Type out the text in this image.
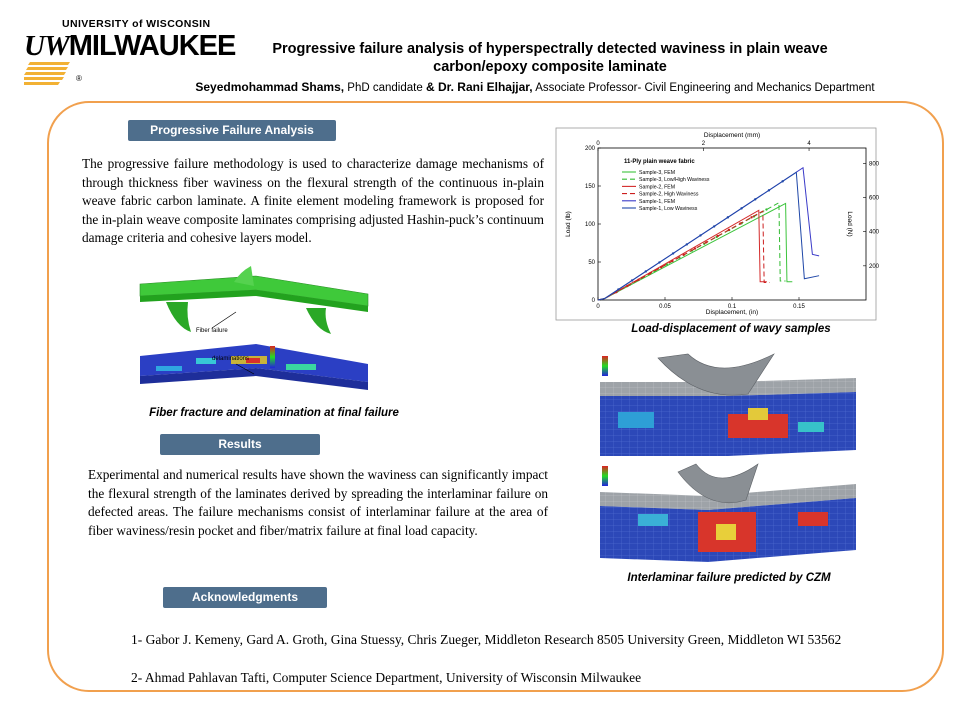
UNIVERSITY of WISCONSIN
UWMILWAUKEE
®
Progressive failure analysis of hyperspectrally detected waviness in plain weave
carbon/epoxy composite laminate
Seyedmohammad Shams, PhD candidate & Dr. Rani Elhajjar, Associate Professor- Civil Engineering and Mechanics Department
Progressive Failure Analysis
The progressive failure methodology is used to characterize damage mechanisms of through thickness fiber waviness on the flexural strength of the continuous in-plain weave fabric carbon laminate. A finite element modeling framework is proposed for the in-plain weave composite laminates comprising adjusted Hashin-puck’s continuum damage criteria and cohesive layers model.
Fiber failure
delaminations
Fiber fracture and delamination at final failure
Results
Experimental and numerical results have shown the waviness can significantly impact the flexural strength of the laminates derived by spreading the interlaminar failure on defected areas. The failure mechanisms consist of interlaminar failure at the area of fiber waviness/resin pocket and fiber/matrix failure at final load capacity.
Acknowledgments
1- Gabor J. Kemeny, Gard A. Groth, Gina Stuessy, Chris Zueger, Middleton Research 8505 University Green, Middleton WI 53562
2- Ahmad Pahlavan Tafti, Computer Science Department, University of Wisconsin Milwaukee
Displacement (mm)
Displacement, (in)
Load (lb)	Load (N)
11-Ply plain weave fabric
0	0.05	0.1	0.15
0	2	4
0
50
100
150
200
200
400
600
800
Sample-3, FEM
Sample-3, Low/High Waviness
Sample-2, FEM
Sample-2, High Waviness
Sample-1, FEM
Sample-1, Low Waviness
Load-displacement of wavy samples
Interlaminar failure predicted by CZM
